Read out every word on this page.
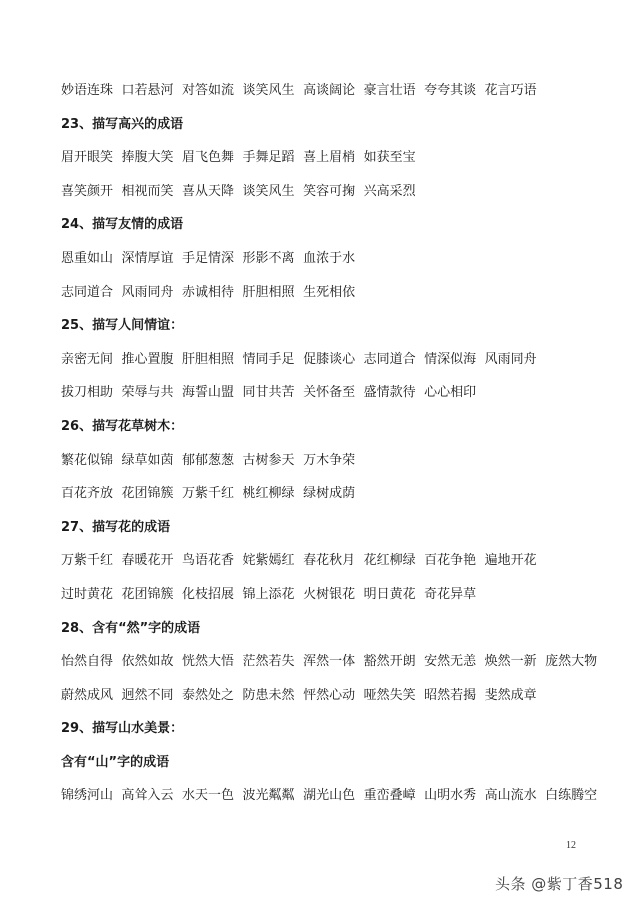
妙语连珠 口若悬河 对答如流 谈笑风生 高谈阔论 豪言壮语 夸夸其谈 花言巧语
23、描写高兴的成语
眉开眼笑 捧腹大笑 眉飞色舞 手舞足蹈 喜上眉梢 如获至宝
喜笑颜开 相视而笑 喜从天降 谈笑风生 笑容可掬 兴高采烈
24、描写友情的成语
恩重如山 深情厚谊 手足情深 形影不离 血浓于水
志同道合 风雨同舟 赤诚相待 肝胆相照 生死相依
25、描写人间情谊：
亲密无间 推心置腹 肝胆相照 情同手足 促膝谈心 志同道合 情深似海 风雨同舟
拔刀相助 荣辱与共 海誓山盟 同甘共苦 关怀备至 盛情款待 心心相印
26、描写花草树木：
繁花似锦 绿草如茵 郁郁葱葱 古树参天 万木争荣
百花齐放 花团锦簇 万紫千红 桃红柳绿 绿树成荫
27、描写花的成语
万紫千红 春暖花开 鸟语花香 姹紫嫣红 春花秋月 花红柳绿 百花争艳 遍地开花
过时黄花 花团锦簇 化枝招展 锦上添花 火树银花 明日黄花 奇花异草
28、含有“然”字的成语
怡然自得 依然如故 恍然大悟 茫然若失 浑然一体 豁然开朗 安然无恙 焕然一新 庞然大物
蔚然成风 迥然不同 泰然处之 防患未然 怦然心动 哑然失笑 昭然若揭 斐然成章
29、描写山水美景：
含有“山”字的成语
锦绣河山 高耸入云 水天一色 波光粼粼 湖光山色 重峦叠嶂 山明水秀 高山流水 白练腾空
12
头条 @紫丁香518
